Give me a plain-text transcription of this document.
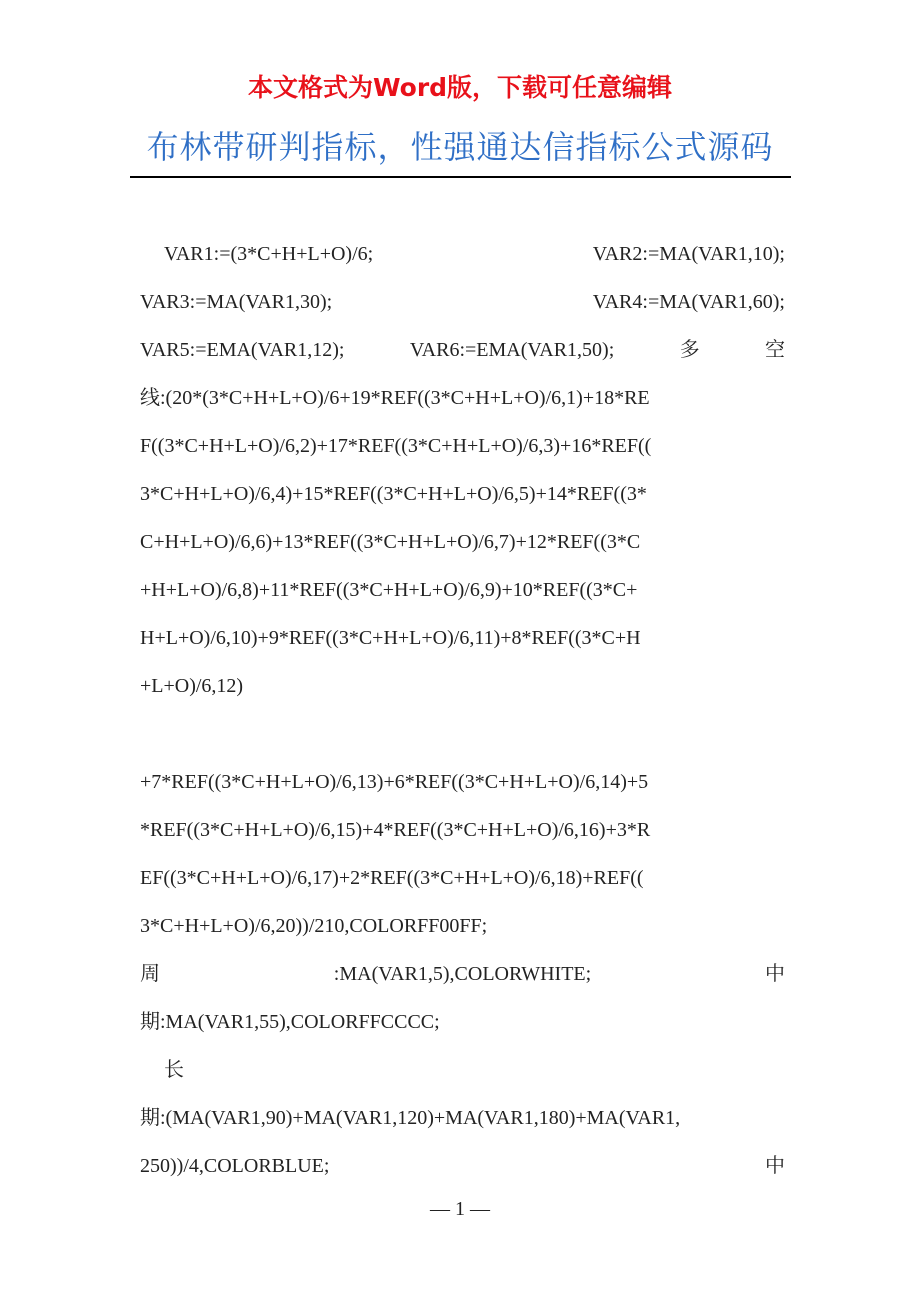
本文格式为Word版，下载可任意编辑
布林带研判指标，性强通达信指标公式源码
VAR1:=(3*C+H+L+O)/6;	VAR2:=MA(VAR1,10);
VAR3:=MA(VAR1,30);	VAR4:=MA(VAR1,60);
VAR5:=EMA(VAR1,12);	VAR6:=EMA(VAR1,50);	多	空
线:(20*(3*C+H+L+O)/6+19*REF((3*C+H+L+O)/6,1)+18*RE
F((3*C+H+L+O)/6,2)+17*REF((3*C+H+L+O)/6,3)+16*REF((
3*C+H+L+O)/6,4)+15*REF((3*C+H+L+O)/6,5)+14*REF((3*
C+H+L+O)/6,6)+13*REF((3*C+H+L+O)/6,7)+12*REF((3*C
+H+L+O)/6,8)+11*REF((3*C+H+L+O)/6,9)+10*REF((3*C+
H+L+O)/6,10)+9*REF((3*C+H+L+O)/6,11)+8*REF((3*C+H
+L+O)/6,12)
+7*REF((3*C+H+L+O)/6,13)+6*REF((3*C+H+L+O)/6,14)+5
*REF((3*C+H+L+O)/6,15)+4*REF((3*C+H+L+O)/6,16)+3*R
EF((3*C+H+L+O)/6,17)+2*REF((3*C+H+L+O)/6,18)+REF((
3*C+H+L+O)/6,20))/210,COLORFF00FF;
周	:MA(VAR1,5),COLORWHITE;	中
期:MA(VAR1,55),COLORFFCCCC;
长
期:(MA(VAR1,90)+MA(VAR1,120)+MA(VAR1,180)+MA(VAR1,
250))/4,COLORBLUE;	中
— 1 —
